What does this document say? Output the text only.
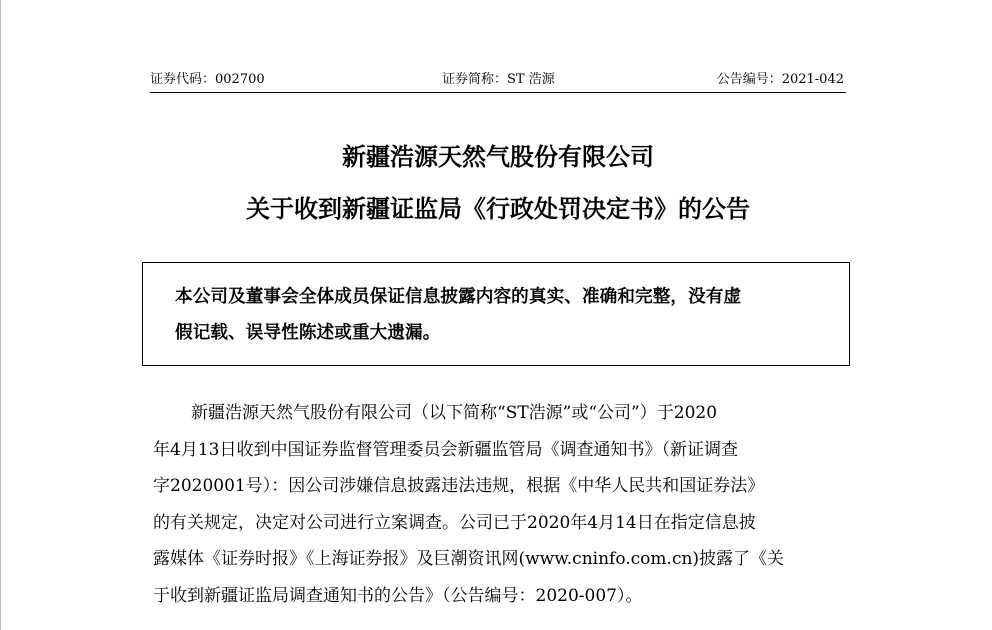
证券代码：002700	证券简称：ST 浩源	公告编号：2021-042
新疆浩源天然气股份有限公司
关于收到新疆证监局《行政处罚决定书》的公告
本公司及董事会全体成员保证信息披露内容的真实、准确和完整，没有虚
假记载、误导性陈述或重大遗漏。
新疆浩源天然气股份有限公司（以下简称“ST浩源”或“公司”）于2020
年4月13日收到中国证券监督管理委员会新疆监管局《调查通知书》（新证调查
字2020001号）：因公司涉嫌信息披露违法违规，根据《中华人民共和国证券法》
的有关规定，决定对公司进行立案调查。公司已于2020年4月14日在指定信息披
露媒体《证券时报》《上海证券报》及巨潮资讯网(www.cninfo.com.cn)披露了《关
于收到新疆证监局调查通知书的公告》（公告编号：2020-007）。
